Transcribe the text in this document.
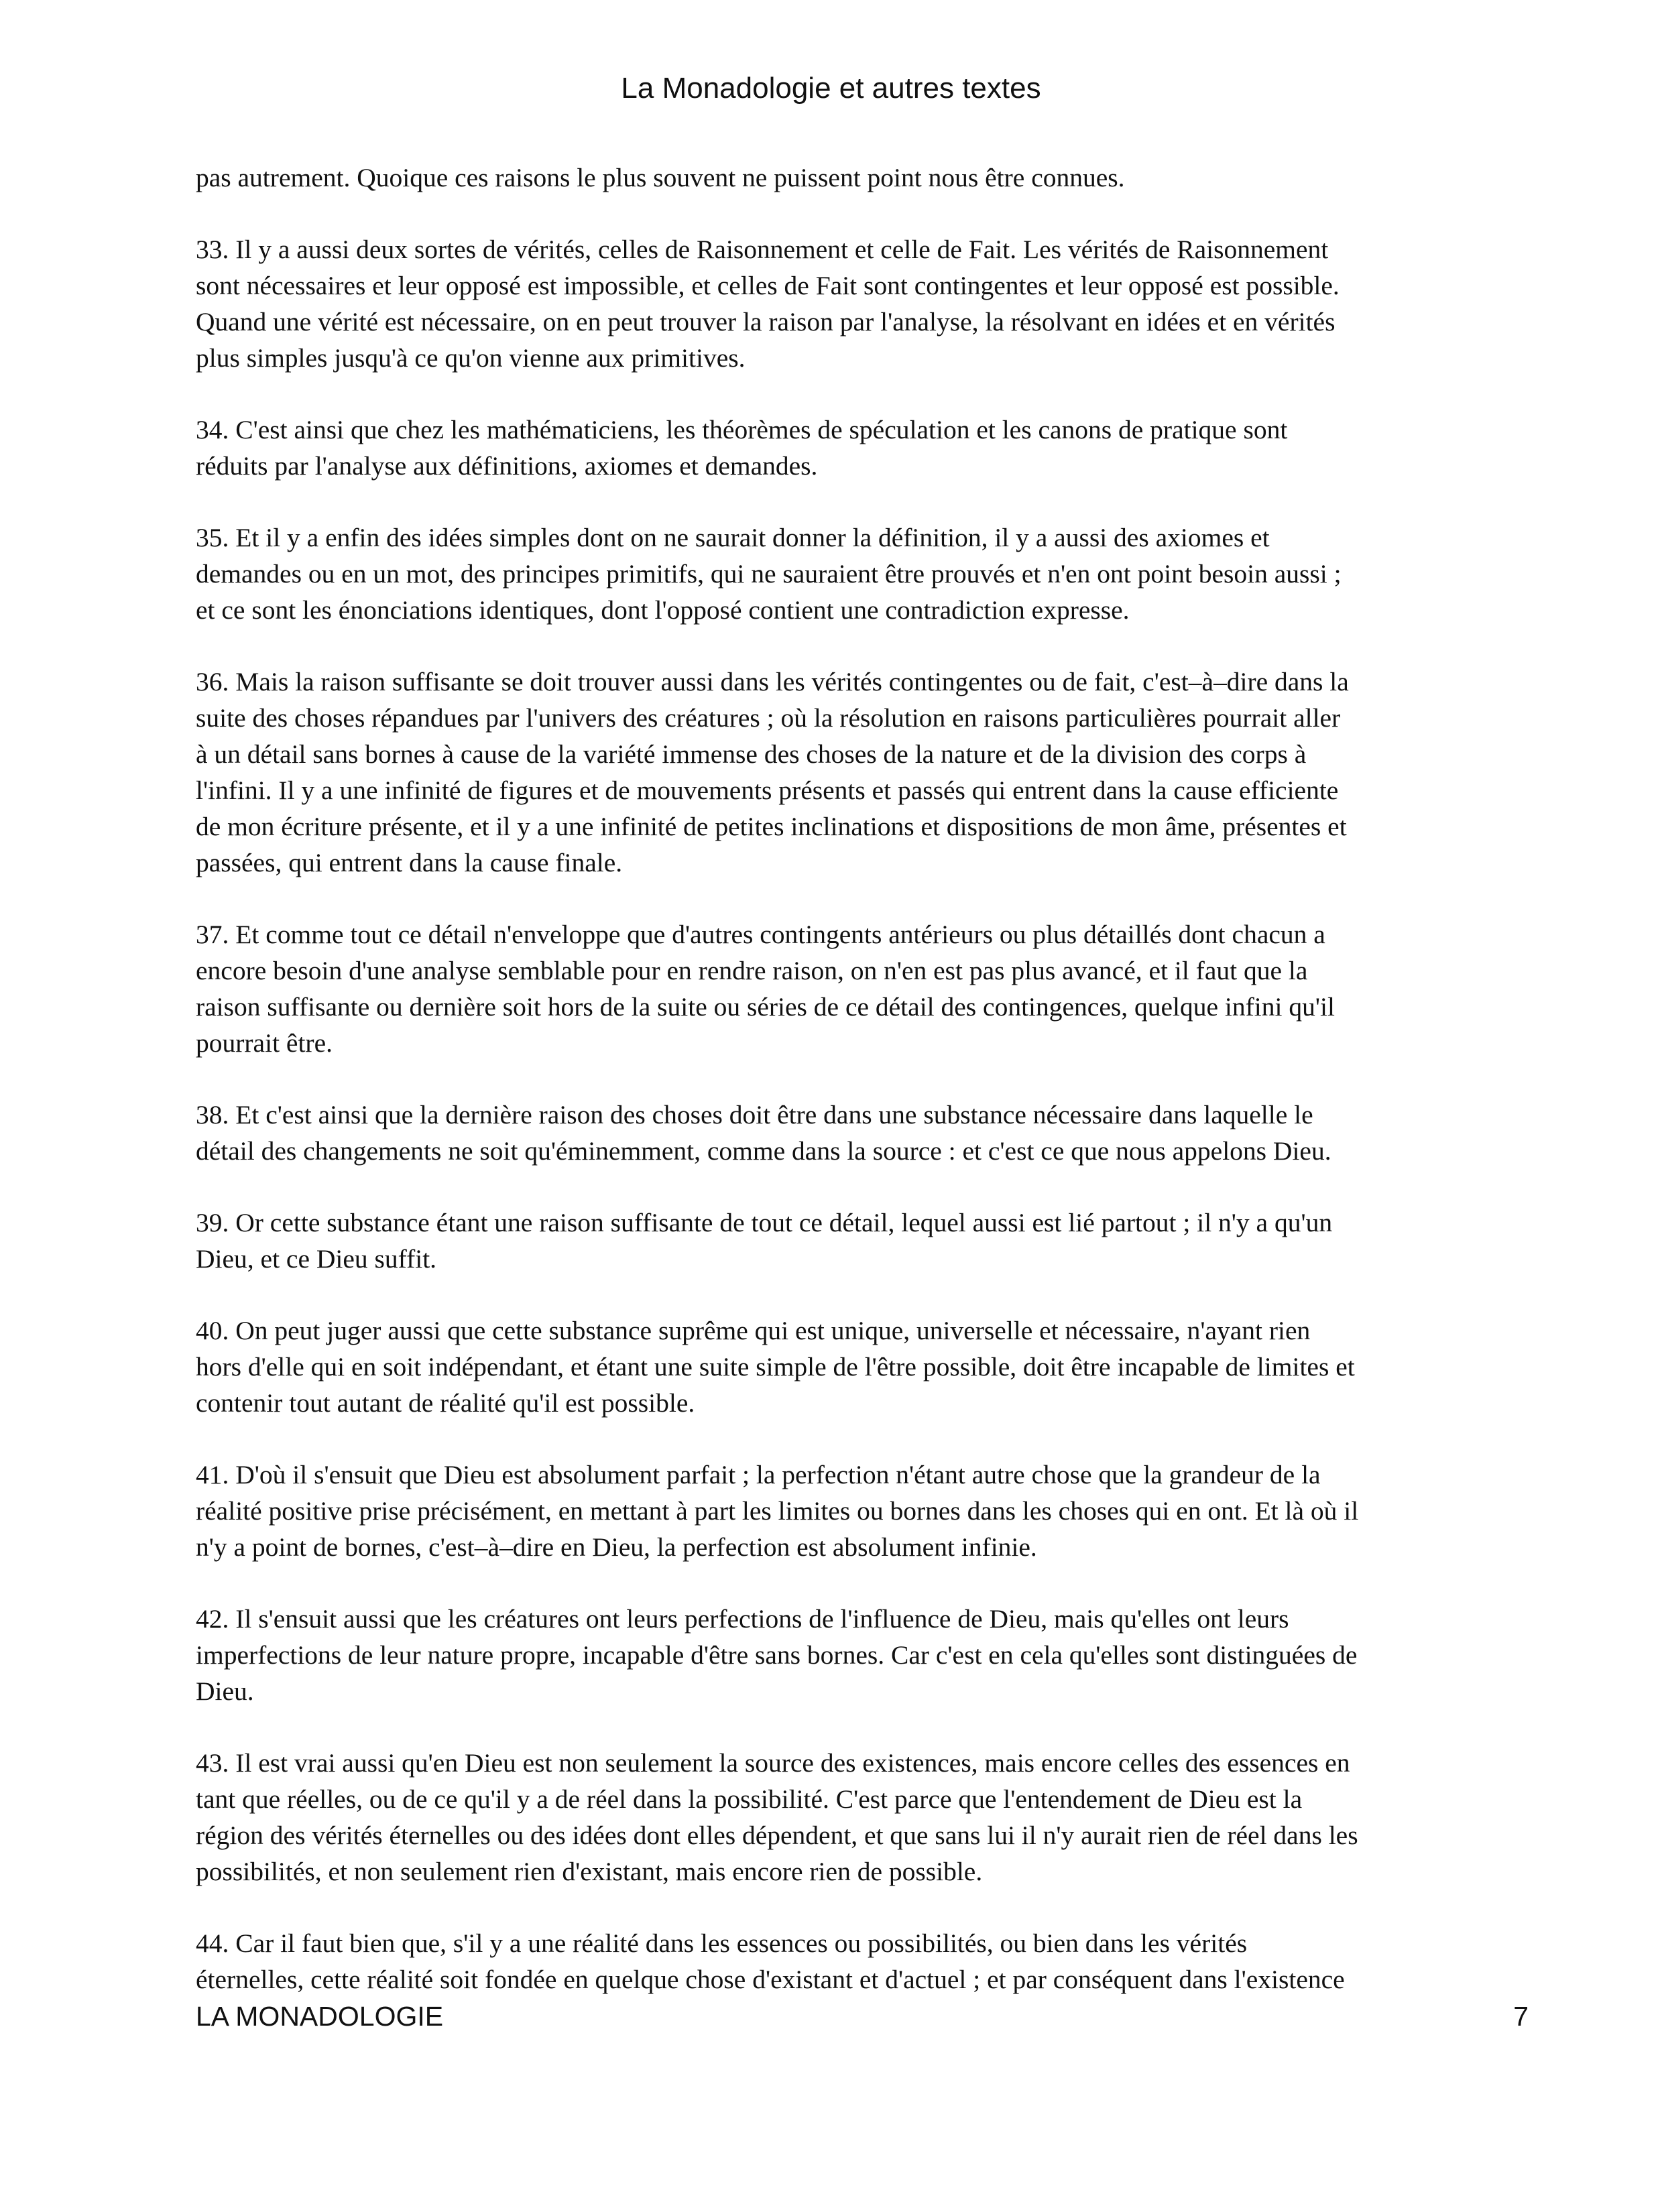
La Monadologie et autres textes

pas autrement. Quoique ces raisons le plus souvent ne puissent point nous être connues.

33. Il y a aussi deux sortes de vérités, celles de Raisonnement et celle de Fait. Les vérités de Raisonnement
sont nécessaires et leur opposé est impossible, et celles de Fait sont contingentes et leur opposé est possible.
Quand une vérité est nécessaire, on en peut trouver la raison par l'analyse, la résolvant en idées et en vérités
plus simples jusqu'à ce qu'on vienne aux primitives.

34. C'est ainsi que chez les mathématiciens, les théorèmes de spéculation et les canons de pratique sont
réduits par l'analyse aux définitions, axiomes et demandes.

35. Et il y a enfin des idées simples dont on ne saurait donner la définition, il y a aussi des axiomes et
demandes ou en un mot, des principes primitifs, qui ne sauraient être prouvés et n'en ont point besoin aussi ;
et ce sont les énonciations identiques, dont l'opposé contient une contradiction expresse.

36. Mais la raison suffisante se doit trouver aussi dans les vérités contingentes ou de fait, c'est–à–dire dans la
suite des choses répandues par l'univers des créatures ; où la résolution en raisons particulières pourrait aller
à un détail sans bornes à cause de la variété immense des choses de la nature et de la division des corps à
l'infini. Il y a une infinité de figures et de mouvements présents et passés qui entrent dans la cause efficiente
de mon écriture présente, et il y a une infinité de petites inclinations et dispositions de mon âme, présentes et
passées, qui entrent dans la cause finale.

37. Et comme tout ce détail n'enveloppe que d'autres contingents antérieurs ou plus détaillés dont chacun a
encore besoin d'une analyse semblable pour en rendre raison, on n'en est pas plus avancé, et il faut que la
raison suffisante ou dernière soit hors de la suite ou séries de ce détail des contingences, quelque infini qu'il
pourrait être.

38. Et c'est ainsi que la dernière raison des choses doit être dans une substance nécessaire dans laquelle le
détail des changements ne soit qu'éminemment, comme dans la source : et c'est ce que nous appelons Dieu.

39. Or cette substance étant une raison suffisante de tout ce détail, lequel aussi est lié partout ; il n'y a qu'un
Dieu, et ce Dieu suffit.

40. On peut juger aussi que cette substance suprême qui est unique, universelle et nécessaire, n'ayant rien
hors d'elle qui en soit indépendant, et étant une suite simple de l'être possible, doit être incapable de limites et
contenir tout autant de réalité qu'il est possible.

41. D'où il s'ensuit que Dieu est absolument parfait ; la perfection n'étant autre chose que la grandeur de la
réalité positive prise précisément, en mettant à part les limites ou bornes dans les choses qui en ont. Et là où il
n'y a point de bornes, c'est–à–dire en Dieu, la perfection est absolument infinie.

42. Il s'ensuit aussi que les créatures ont leurs perfections de l'influence de Dieu, mais qu'elles ont leurs
imperfections de leur nature propre, incapable d'être sans bornes. Car c'est en cela qu'elles sont distinguées de
Dieu.

43. Il est vrai aussi qu'en Dieu est non seulement la source des existences, mais encore celles des essences en
tant que réelles, ou de ce qu'il y a de réel dans la possibilité. C'est parce que l'entendement de Dieu est la
région des vérités éternelles ou des idées dont elles dépendent, et que sans lui il n'y aurait rien de réel dans les
possibilités, et non seulement rien d'existant, mais encore rien de possible.

44. Car il faut bien que, s'il y a une réalité dans les essences ou possibilités, ou bien dans les vérités
éternelles, cette réalité soit fondée en quelque chose d'existant et d'actuel ; et par conséquent dans l'existence

LA MONADOLOGIE	7
